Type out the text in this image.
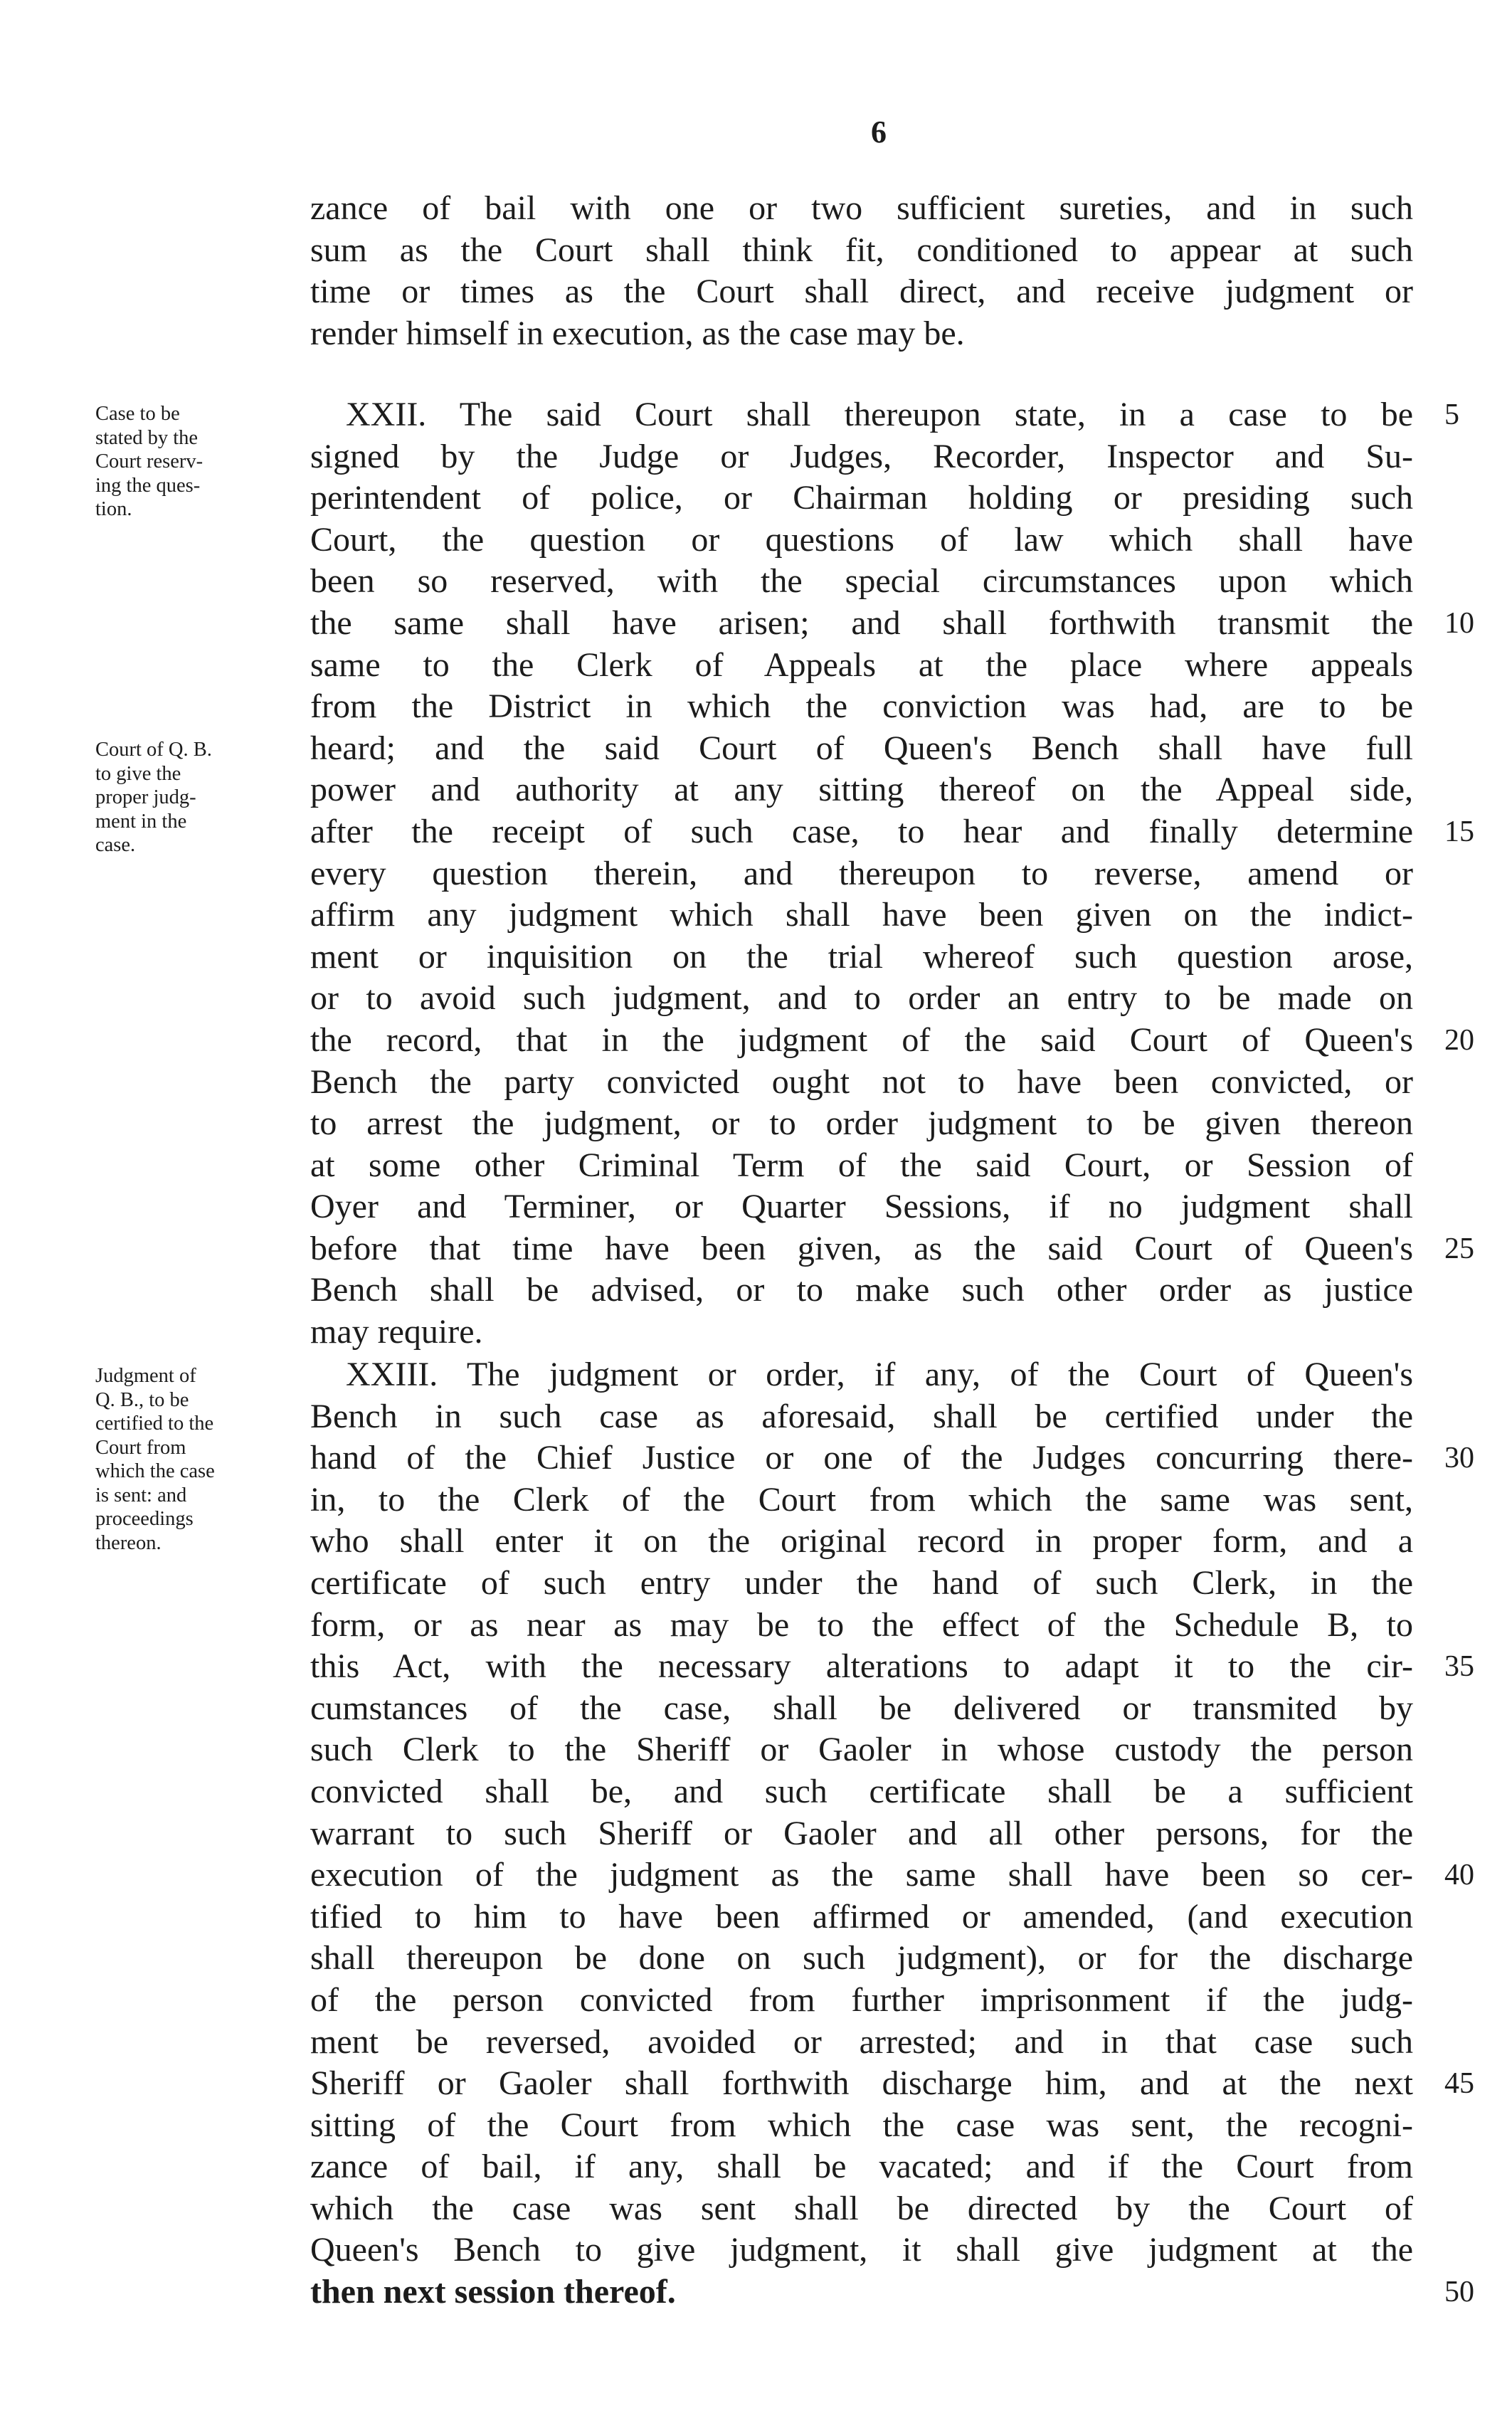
6
zance of bail with one or two sufficient sureties, and in such
sum as the Court shall think fit, conditioned to appear at such
time or times as the Court shall direct, and receive judgment or
render himself in execution, as the case may be.
XXII. The said Court shall thereupon state, in a case to be
signed by the Judge or Judges, Recorder, Inspector and Su-
perintendent of police, or Chairman holding or presiding such
Court, the question or questions of law which shall have
been so reserved, with the special circumstances upon which
the same shall have arisen; and shall forthwith transmit the
same to the Clerk of Appeals at the place where appeals
from the District in which the conviction was had, are to be
heard; and the said Court of Queen's Bench shall have full
power and authority at any sitting thereof on the Appeal side,
after the receipt of such case, to hear and finally determine
every question therein, and thereupon to reverse, amend or
affirm any judgment which shall have been given on the indict-
ment or inquisition on the trial whereof such question arose,
or to avoid such judgment, and to order an entry to be made on
the record, that in the judgment of the said Court of Queen's
Bench the party convicted ought not to have been convicted, or
to arrest the judgment, or to order judgment to be given thereon
at some other Criminal Term of the said Court, or Session of
Oyer and Terminer, or Quarter Sessions, if no judgment shall
before that time have been given, as the said Court of Queen's
Bench shall be advised, or to make such other order as justice
may require.
XXIII. The judgment or order, if any, of the Court of Queen's
Bench in such case as aforesaid, shall be certified under the
hand of the Chief Justice or one of the Judges concurring there-
in, to the Clerk of the Court from which the same was sent,
who shall enter it on the original record in proper form, and a
certificate of such entry under the hand of such Clerk, in the
form, or as near as may be to the effect of the Schedule B, to
this Act, with the necessary alterations to adapt it to the cir-
cumstances of the case, shall be delivered or transmited by
such Clerk to the Sheriff or Gaoler in whose custody the person
convicted shall be, and such certificate shall be a sufficient
warrant to such Sheriff or Gaoler and all other persons, for the
execution of the judgment as the same shall have been so cer-
tified to him to have been affirmed or amended, (and execution
shall thereupon be done on such judgment), or for the discharge
of the person convicted from further imprisonment if the judg-
ment be reversed, avoided or arrested; and in that case such
Sheriff or Gaoler shall forthwith discharge him, and at the next
sitting of the Court from which the case was sent, the recogni-
zance of bail, if any, shall be vacated; and if the Court from
which the case was sent shall be directed by the Court of
Queen's Bench to give judgment, it shall give judgment at the
then next session thereof.
Case to be
stated by the
Court reserv-
ing the ques-
tion.
Court of Q. B.
to give the
proper judg-
ment in the
case.
Judgment of
Q. B., to be
certified to the
Court from
which the case
is sent: and
proceedings
thereon.
5
10
15
20
25
30
35
40
45
50
